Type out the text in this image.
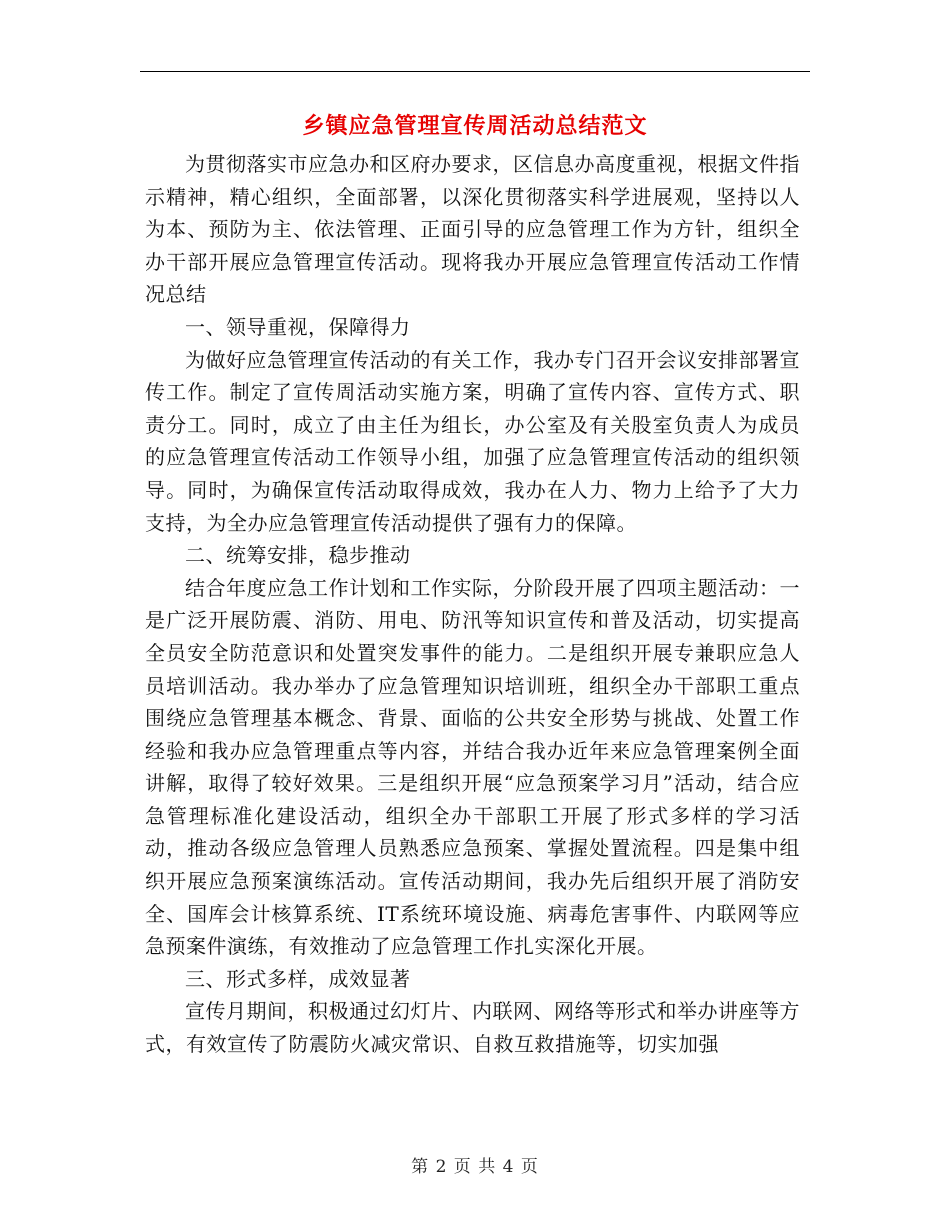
乡镇应急管理宣传周活动总结范文

为贯彻落实市应急办和区府办要求，区信息办高度重视，根据文件指示精神，精心组织，全面部署，以深化贯彻落实科学进展观，坚持以人为本、预防为主、依法管理、正面引导的应急管理工作为方针，组织全办干部开展应急管理宣传活动。现将我办开展应急管理宣传活动工作情况总结

一、领导重视，保障得力

为做好应急管理宣传活动的有关工作，我办专门召开会议安排部署宣传工作。制定了宣传周活动实施方案，明确了宣传内容、宣传方式、职责分工。同时，成立了由主任为组长，办公室及有关股室负责人为成员的应急管理宣传活动工作领导小组，加强了应急管理宣传活动的组织领导。同时，为确保宣传活动取得成效，我办在人力、物力上给予了大力支持，为全办应急管理宣传活动提供了强有力的保障。

二、统筹安排，稳步推动

结合年度应急工作计划和工作实际，分阶段开展了四项主题活动：一是广泛开展防震、消防、用电、防汛等知识宣传和普及活动，切实提高全员安全防范意识和处置突发事件的能力。二是组织开展专兼职应急人员培训活动。我办举办了应急管理知识培训班，组织全办干部职工重点围绕应急管理基本概念、背景、面临的公共安全形势与挑战、处置工作经验和我办应急管理重点等内容，并结合我办近年来应急管理案例全面讲解，取得了较好效果。三是组织开展“应急预案学习月”活动，结合应急管理标准化建设活动，组织全办干部职工开展了形式多样的学习活动，推动各级应急管理人员熟悉应急预案、掌握处置流程。四是集中组织开展应急预案演练活动。宣传活动期间，我办先后组织开展了消防安全、国库会计核算系统、IT系统环境设施、病毒危害事件、内联网等应急预案件演练，有效推动了应急管理工作扎实深化开展。

三、形式多样，成效显著

宣传月期间，积极通过幻灯片、内联网、网络等形式和举办讲座等方式，有效宣传了防震防火减灾常识、自救互救措施等，切实加强

第 2 页 共 4 页
